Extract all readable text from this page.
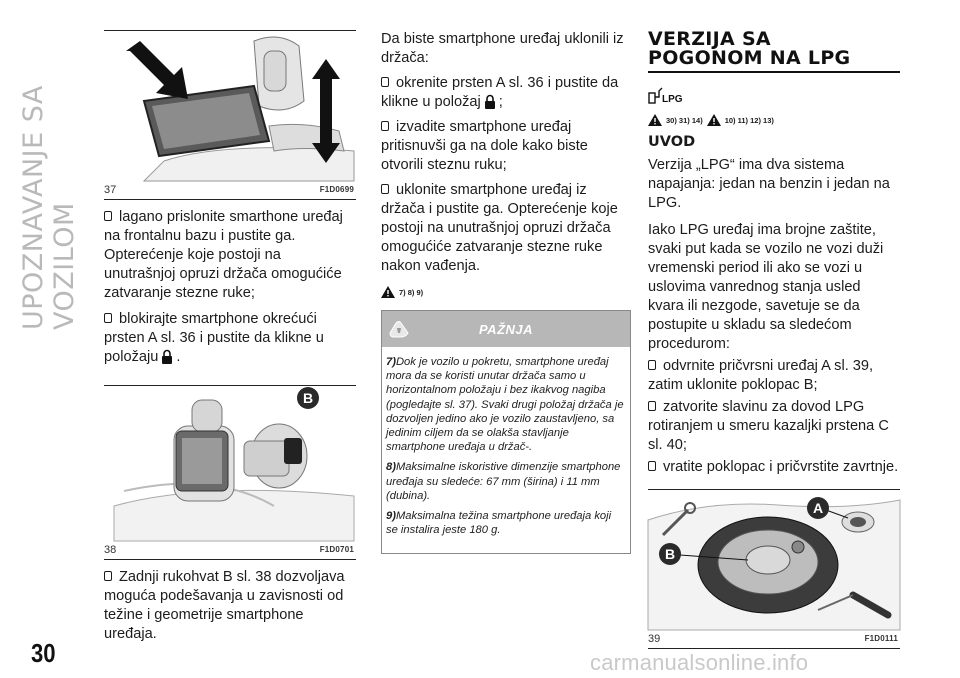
UPOZNAVANJE SA VOZILOM
30
37	F1D0699

lagano prislonite smarthone uređaj na frontalnu bazu i pustite ga. Opterećenje koje postoji na unutrašnjoj opruzi držača omogućiće zatvaranje stezne ruke;

blokirajte smartphone okrećući prsten A sl. 36 i pustite da klikne u položaju .

B
38	F1D0701

Zadnji rukohvat B sl. 38 dozvoljava moguća podešavanja u zavisnosti od težine i geometrije smartphone uređaja.

Da biste smartphone uređaj uklonili iz držača:

okrenite prsten A sl. 36 i pustite da klikne u položaj ;

izvadite smartphone uređaj pritisnuvši ga na dole kako biste otvorili steznu ruku;

uklonite smartphone uređaj iz držača i pustite ga. Opterećenje koje postoji na unutrašnjoj opruzi držača omogućiće zatvaranje stezne ruke nakon vađenja.

7) 8) 9)
PAŽNJA

7)Dok je vozilo u pokretu, smartphone uređaj mora da se koristi unutar držača samo u horizontalnom položaju i bez ikakvog nagiba (pogledajte sl. 37). Svaki drugi položaj držača je dozvoljen jedino ako je vozilo zaustavljeno, sa jedinim ciljem da se olakša stavljanje smartphone uređaja u držač-.

8)Maksimalne iskoristive dimenzije smartphone uređaja su sledeće: 67 mm (širina) i 11 mm (dubina).

9)Maksimalna težina smartphone uređaja koji se instalira jeste 180 g.

VERZIJA SA
POGONOM NA LPG
LPG
30) 31) 14)	10) 11) 12) 13)
UVOD

Verzija „LPG“ ima dva sistema napajanja: jedan na benzin i jedan na LPG.

Iako LPG uređaj ima brojne zaštite, svaki put kada se vozilo ne vozi duži vremenski period ili ako se vozi u uslovima vanrednog stanja usled kvara ili nezgode, savetuje se da postupite u skladu sa sledećom procedurom:

odvrnite pričvrsni uređaj A sl. 39, zatim uklonite poklopac B;

zatvorite slavinu za dovod LPG rotiranjem u smeru kazaljki prstena C sl. 40;

vratite poklopac i pričvrstite zavrtnje.

A
B
39	F1D0111
carmanualsonline.info
